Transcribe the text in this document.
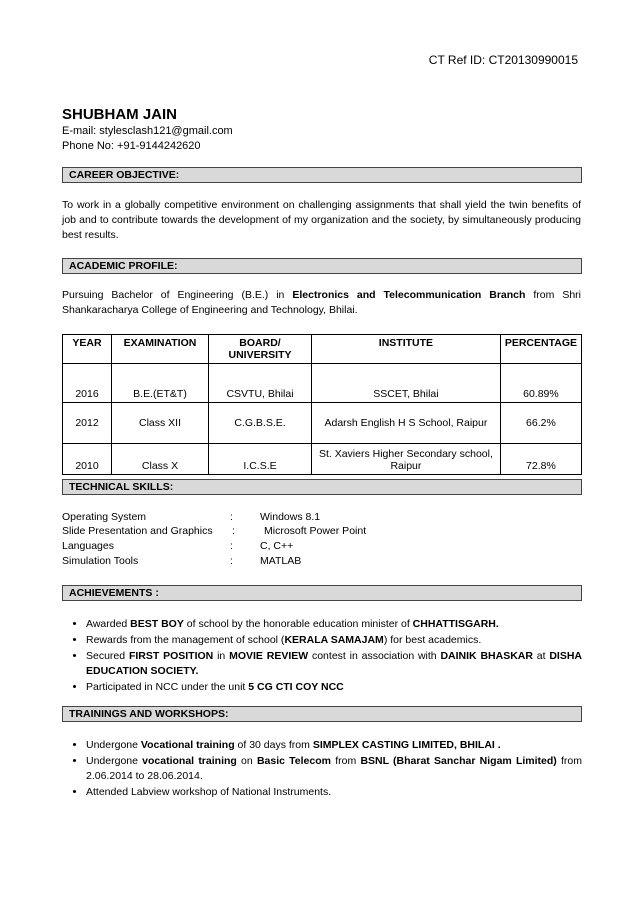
CT Ref ID: CT20130990015
SHUBHAM JAIN
E-mail: stylesclash121@gmail.com
Phone No: +91-9144242620
CAREER OBJECTIVE:
To work in a globally competitive environment on challenging assignments that shall yield the twin benefits of job and to contribute towards the development of my organization and the society, by simultaneously producing best results.
ACADEMIC PROFILE:
Pursuing Bachelor of Engineering (B.E.) in Electronics and Telecommunication Branch from Shri Shankaracharya College of Engineering and Technology, Bhilai.
YEAR	EXAMINATION	BOARD/ UNIVERSITY	INSTITUTE	PERCENTAGE
2016	B.E.(ET&T)	CSVTU, Bhilai	SSCET, Bhilai	60.89%
2012	Class XII	C.G.B.S.E.	Adarsh English H S School, Raipur	66.2%
2010	Class X	I.C.S.E	St. Xaviers Higher Secondary school, Raipur	72.8%
TECHNICAL SKILLS:
Operating System	:	Windows 8.1
Slide Presentation and Graphics :	Microsoft Power Point
Languages	:	C, C++
Simulation Tools	:	MATLAB
ACHIEVEMENTS :
• Awarded BEST BOY of school by the honorable education minister of CHHATTISGARH.
• Rewards from the management of school (KERALA SAMAJAM) for best academics.
• Secured FIRST POSITION in MOVIE REVIEW contest in association with DAINIK BHASKAR at DISHA EDUCATION SOCIETY.
• Participated in NCC under the unit 5 CG CTI COY NCC
TRAININGS AND WORKSHOPS:
• Undergone Vocational training of 30 days from SIMPLEX CASTING LIMITED, BHILAI .
• Undergone vocational training on Basic Telecom from BSNL (Bharat Sanchar Nigam Limited) from 2.06.2014 to 28.06.2014.
• Attended Labview workshop of National Instruments.
